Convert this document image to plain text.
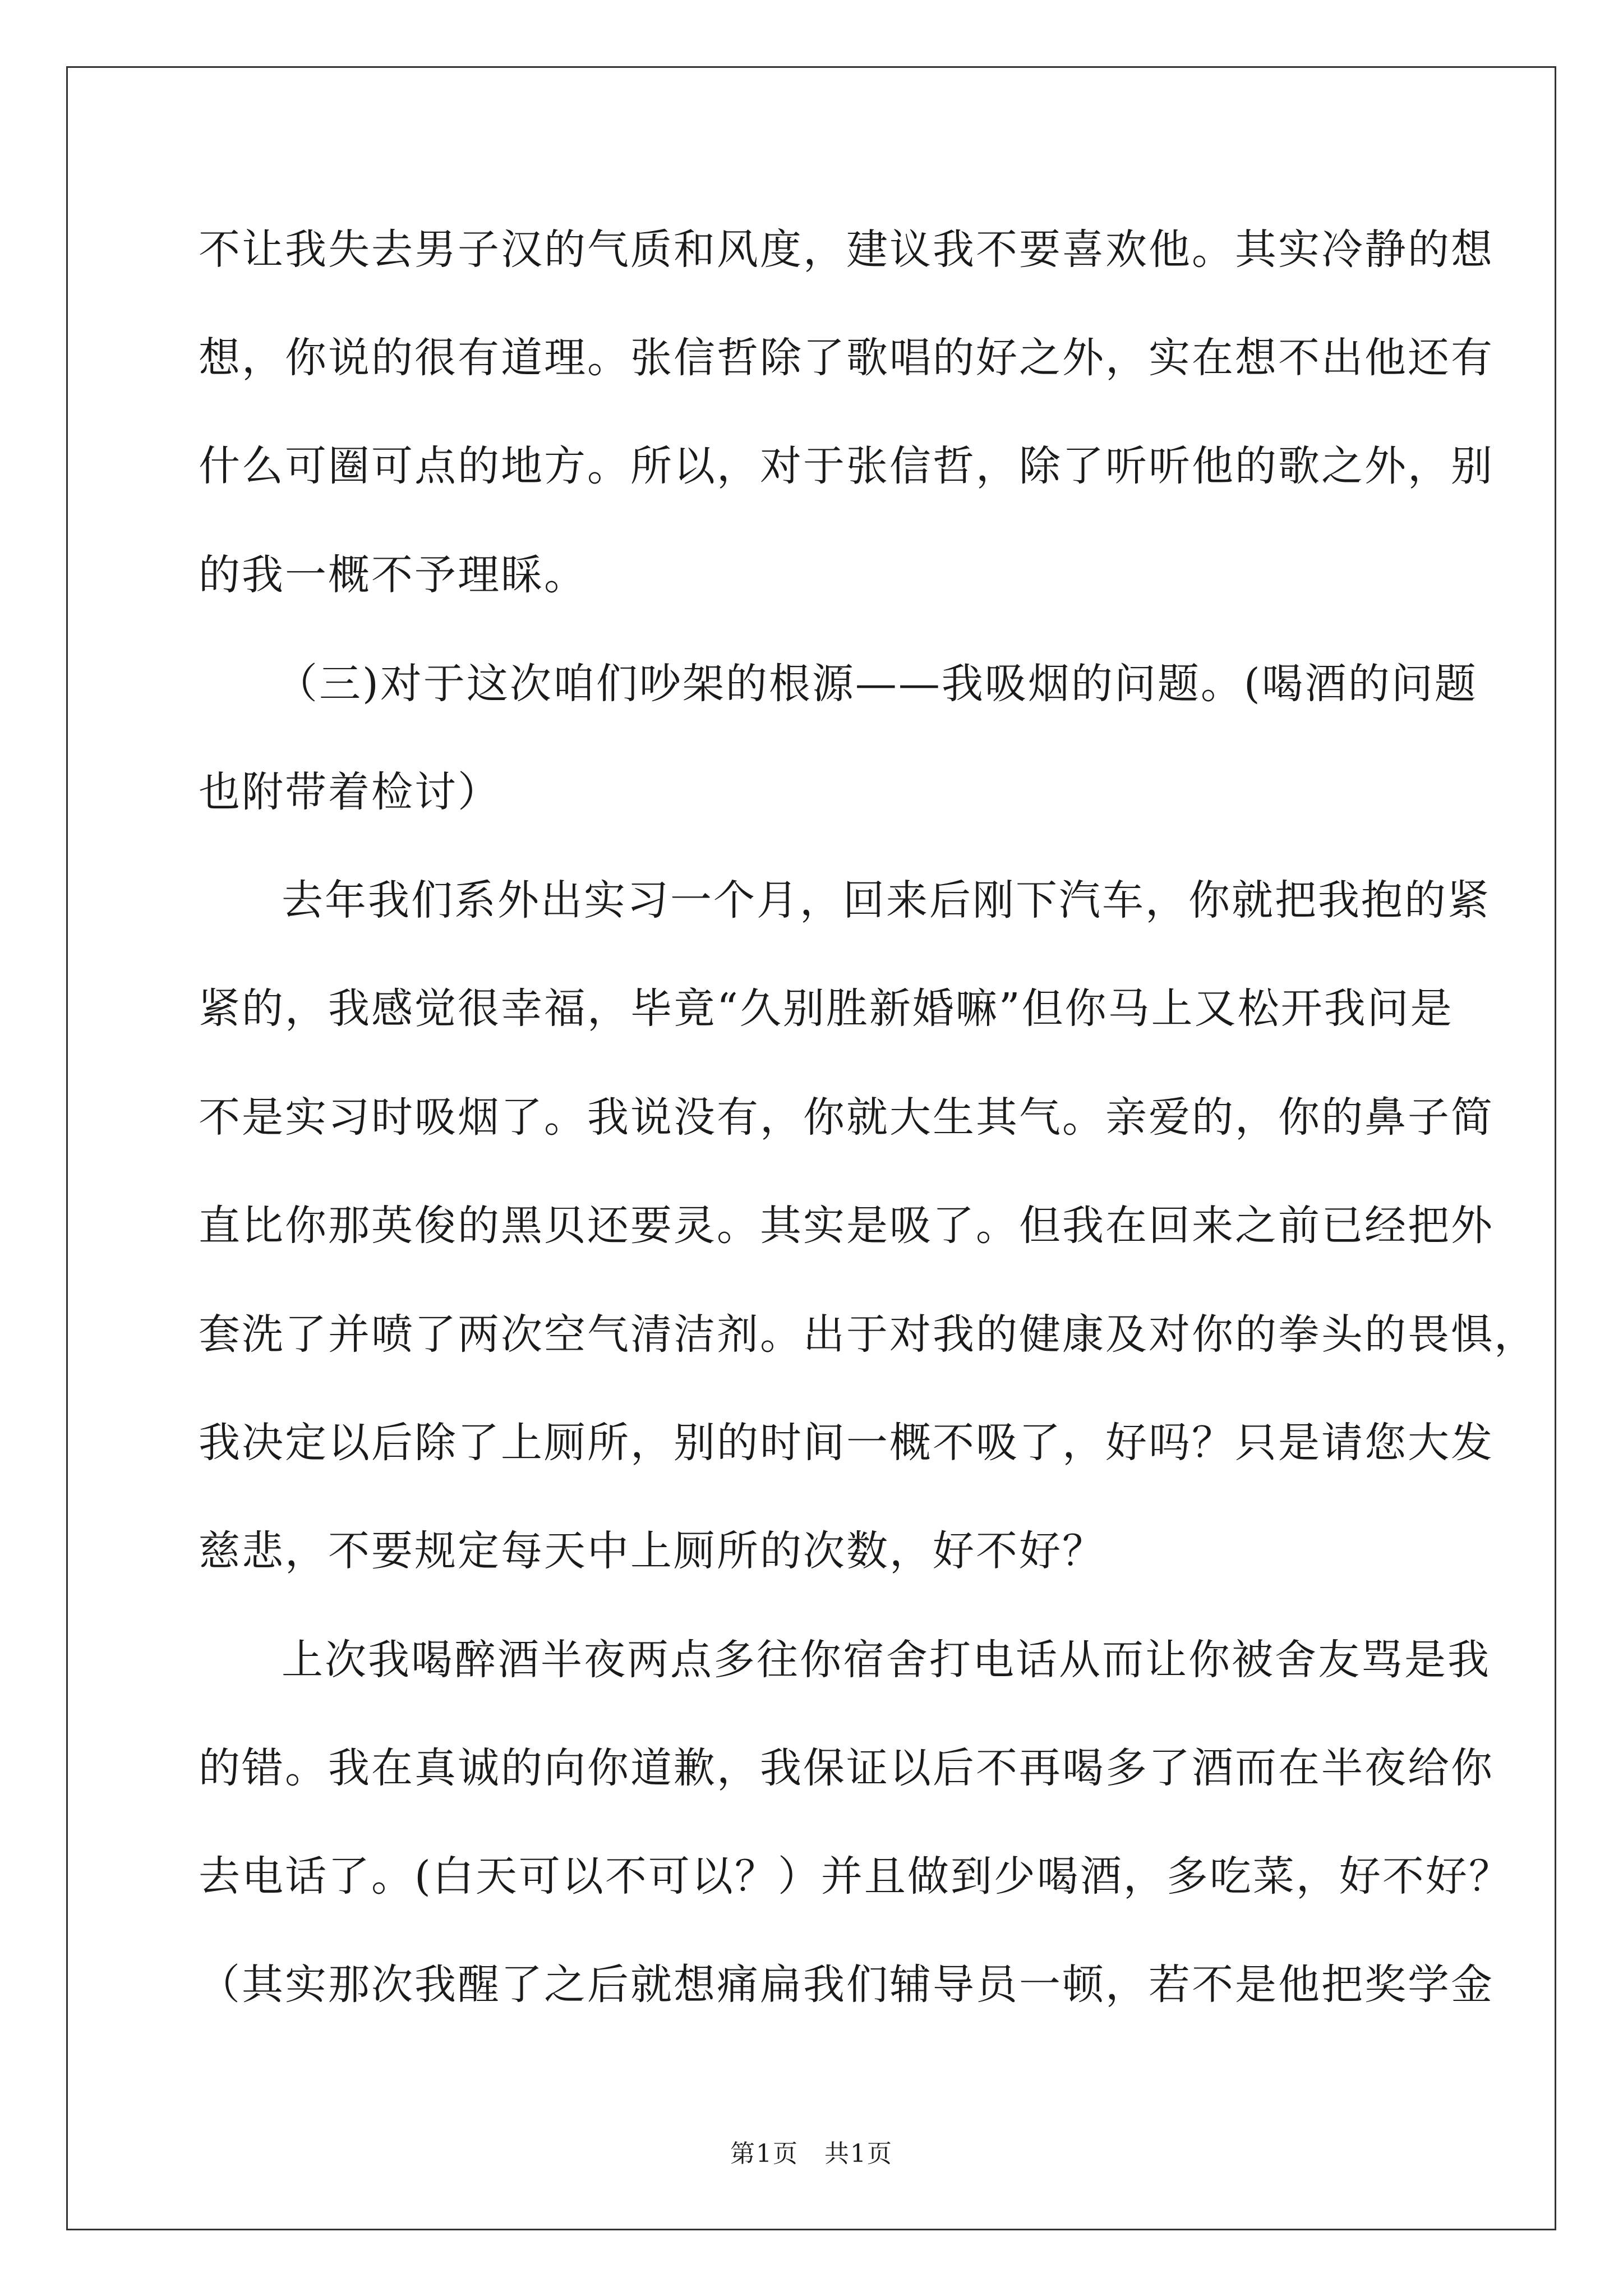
不让我失去男子汉的气质和风度，建议我不要喜欢他。其实冷静的想
想，你说的很有道理。张信哲除了歌唱的好之外，实在想不出他还有
什么可圈可点的地方。所以，对于张信哲，除了听听他的歌之外，别
的我一概不予理睬。
（三)对于这次咱们吵架的根源——我吸烟的问题。(喝酒的问题
也附带着检讨）
去年我们系外出实习一个月，回来后刚下汽车，你就把我抱的紧
紧的，我感觉很幸福，毕竟“久别胜新婚嘛”但你马上又松开我问是
不是实习时吸烟了。我说没有，你就大生其气。亲爱的，你的鼻子简
直比你那英俊的黑贝还要灵。其实是吸了。但我在回来之前已经把外
套洗了并喷了两次空气清洁剂。出于对我的健康及对你的拳头的畏惧，
我决定以后除了上厕所，别的时间一概不吸了，好吗？只是请您大发
慈悲，不要规定每天中上厕所的次数，好不好？
上次我喝醉酒半夜两点多往你宿舍打电话从而让你被舍友骂是我
的错。我在真诚的向你道歉，我保证以后不再喝多了酒而在半夜给你
去电话了。(白天可以不可以？）并且做到少喝酒，多吃菜，好不好？
（其实那次我醒了之后就想痛扁我们辅导员一顿，若不是他把奖学金
第1页　共1页
